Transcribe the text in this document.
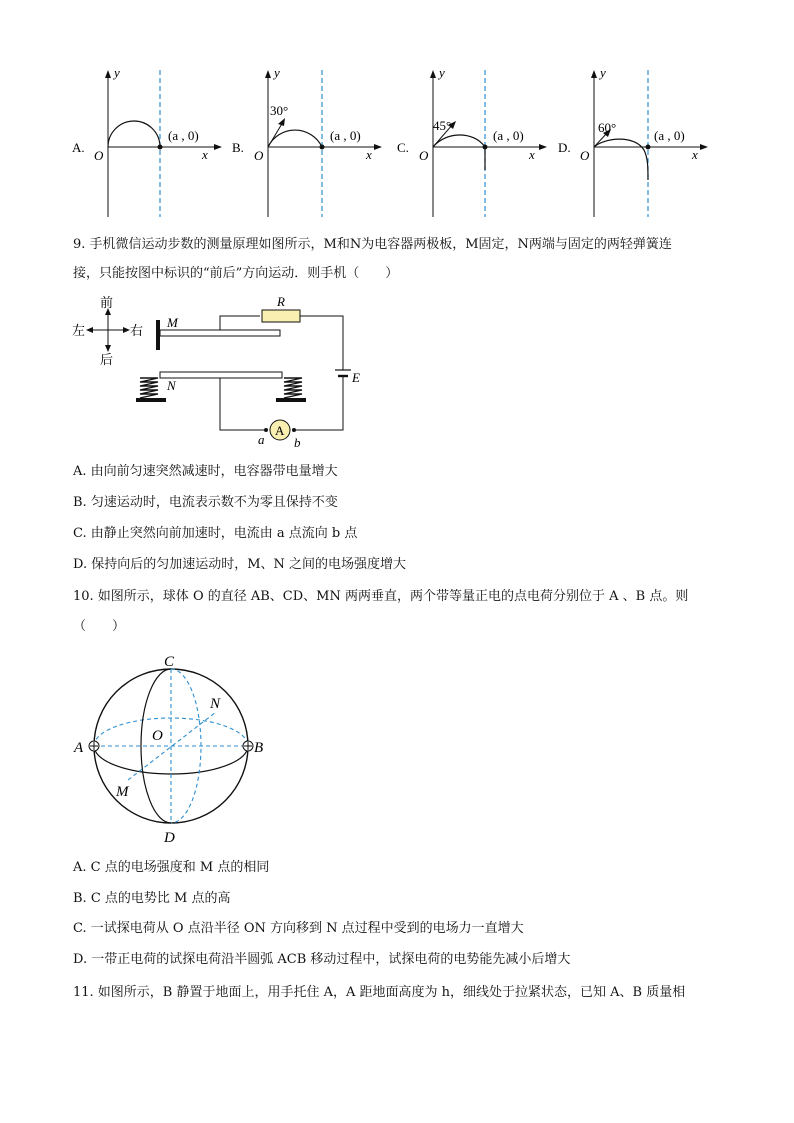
y
x
O
(a , 0)
A.
y
x
O
30°
(a , 0)
B.
y
x
O
45°
(a , 0)
C.
y
x
O
60°
(a , 0)
D.
9. 手机微信运动步数的测量原理如图所示，M和N为电容器两极板，M固定，N两端与固定的两轻弹簧连
接，只能按图中标识的“前后”方向运动．则手机（　　）
前
后
左	右
M
R
E
N
A
a b
A. 由向前匀速突然减速时，电容器带电量增大
B. 匀速运动时，电流表示数不为零且保持不变
C. 由静止突然向前加速时，电流由 a 点流向 b 点
D. 保持向后的匀加速运动时，M、N 之间的电场强度增大
10. 如图所示，球体 O 的直径 AB、CD、MN 两两垂直，两个带等量正电的点电荷分别位于 A 、B 点。则
（　　）
A	B
C
D
N
M
O
A. C 点的电场强度和 M 点的相同
B. C 点的电势比 M 点的高
C. 一试探电荷从 O 点沿半径 ON 方向移到 N 点过程中受到的电场力一直增大
D. 一带正电荷的试探电荷沿半圆弧 ACB 移动过程中，试探电荷的电势能先减小后增大
11. 如图所示，B 静置于地面上，用手托住 A，A 距地面高度为 h，细线处于拉紧状态，已知 A、B 质量相
